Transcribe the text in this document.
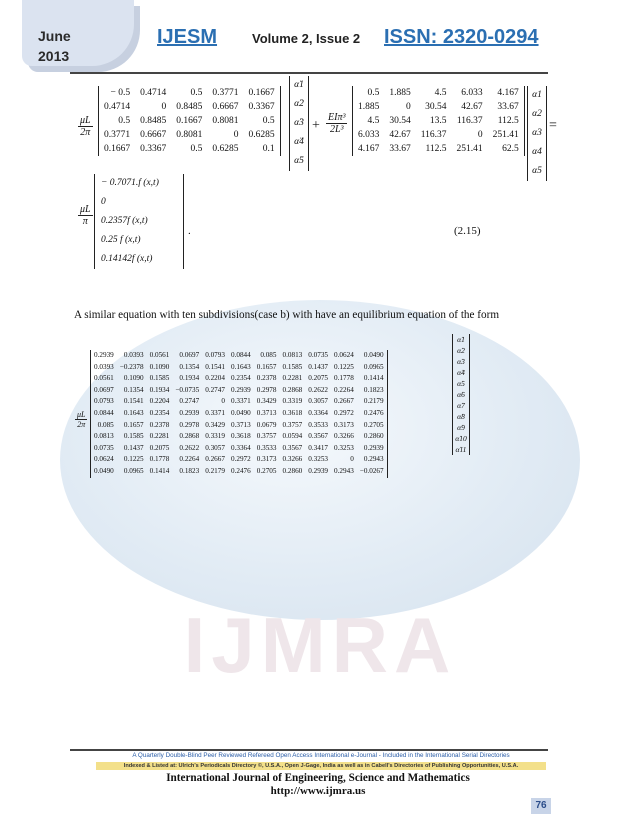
June
2013
IJESM	Volume 2, Issue 2 ISSN: 2320-0294
IJMRA
$\frac{\mu L}{2\pi}$
− 0.5	0.4714	0.5	0.3771	0.1667
0.4714	0	0.8485	0.6667	0.3367
0.5	0.8485	0.1667	0.8081	0.5
0.3771	0.6667	0.8081	0	0.6285
0.1667	0.3367	0.5	0.6285	0.1
α̈1
α̈2
α̈3
α̈4
α̈5
+
EIπ³
2L³
0.5	1.885	4.5	6.033	4.167
1.885	0	30.54	42.67	33.67
4.5	30.54	13.5	116.37	112.5
6.033	42.67	116.37	0	251.41
4.167	33.67	112.5	251.41	62.5
α1
α2
α3
α4
α5
=
$\frac{\mu L}{\pi}$
− 0.7071.f (x,t)
0
0.2357f (x,t)
0.25 f (x,t)
0.14142f (x,t)
.	(2.15)
A similar equation with ten subdivisions(case b) with have an equilibrium equation of the form
$\frac{\mu L}{2\pi}$
0.2939	0.0393	0.0561	0.0697	0.0793	0.0844	0.085	0.0813	0.0735	0.0624	0.0490
0.0393	−0.2378	0.1090	0.1354	0.1541	0.1643	0.1657	0.1585	0.1437	0.1225	0.0965
0.0561	0.1090	0.1585	0.1934	0.2204	0.2354	0.2378	0.2281	0.2075	0.1778	0.1414
0.0697	0.1354	0.1934	−0.0735	0.2747	0.2939	0.2978	0.2868	0.2622	0.2264	0.1823
0.0793	0.1541	0.2204	0.2747	0	0.3371	0.3429	0.3319	0.3057	0.2667	0.2179
0.0844	0.1643	0.2354	0.2939	0.3371	0.0490	0.3713	0.3618	0.3364	0.2972	0.2476
0.085	0.1657	0.2378	0.2978	0.3429	0.3713	0.0679	0.3757	0.3533	0.3173	0.2705
0.0813	0.1585	0.2281	0.2868	0.3319	0.3618	0.3757	0.0594	0.3567	0.3266	0.2860
0.0735	0.1437	0.2075	0.2622	0.3057	0.3364	0.3533	0.3567	0.3417	0.3253	0.2939
0.0624	0.1225	0.1778	0.2264	0.2667	0.2972	0.3173	0.3266	0.3253	0	0.2943
0.0490	0.0965	0.1414	0.1823	0.2179	0.2476	0.2705	0.2860	0.2939	0.2943	−0.0267
α̈1
α̈2
α̈3
α̈4
α̈5
α̈6
α̈7
α̈8
α̈9
α̈10
α̈11
A Quarterly Double-Blind Peer Reviewed Refereed Open Access International e-Journal - Included in the International Serial Directories
Indexed & Listed at: Ulrich's Periodicals Directory ©, U.S.A., Open J-Gage, India as well as in Cabell's Directories of Publishing Opportunities, U.S.A.
International Journal of Engineering, Science and Mathematics
http://www.ijmra.us
76
